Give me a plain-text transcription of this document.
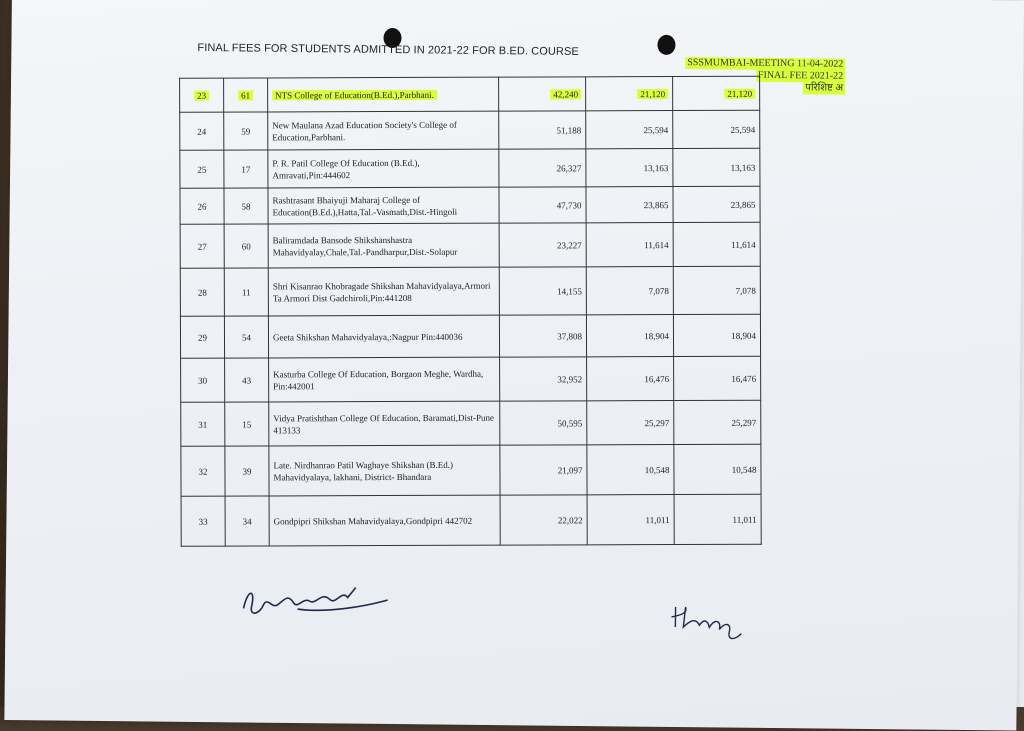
FINAL FEES FOR STUDENTS ADMITTED IN 2021-22 FOR B.ED. COURSE
SSSMUMBAI-MEETING 11-04-2022
FINAL FEE 2021-22
परिशिष्ट अ
23	61	NTS College of Education(B.Ed.),Parbhani.	42,240	21,120	21,120
24	59	New Maulana Azad Education Society's College of Education,Parbhani.	51,188	25,594	25,594
25	17	P. R. Patil College Of Education (B.Ed.), Amravati,Pin:444602	26,327	13,163	13,163
26	58	Rashtrasant Bhaiyuji Maharaj College of Education(B.Ed.),Hatta,Tal.-Vasmath,Dist.-Hingoli	47,730	23,865	23,865
27	60	Baliramdada Bansode Shikshanshastra Mahavidyalay,Chale,Tal.-Pandharpur,Dist.-Solapur	23,227	11,614	11,614
28	11	Shri Kisanrao Khobragade Shikshan Mahavidyalaya,Armori Ta Armori Dist Gadchiroli,Pin:441208	14,155	7,078	7,078
29	54	Geeta Shikshan Mahavidyalaya,:Nagpur Pin:440036	37,808	18,904	18,904
30	43	Kasturba College Of Education, Borgaon Meghe, Wardha, Pin:442001	32,952	16,476	16,476
31	15	Vidya Pratishthan College Of Education, Baramati,Dist-Pune 413133	50,595	25,297	25,297
32	39	Late. Nirdhanrao Patil Waghaye Shikshan (B.Ed.) Mahavidyalaya, lakhani, District- Bhandara	21,097	10,548	10,548
33	34	Gondpipri Shikshan Mahavidyalaya,Gondpipri 442702	22,022	11,011	11,011
